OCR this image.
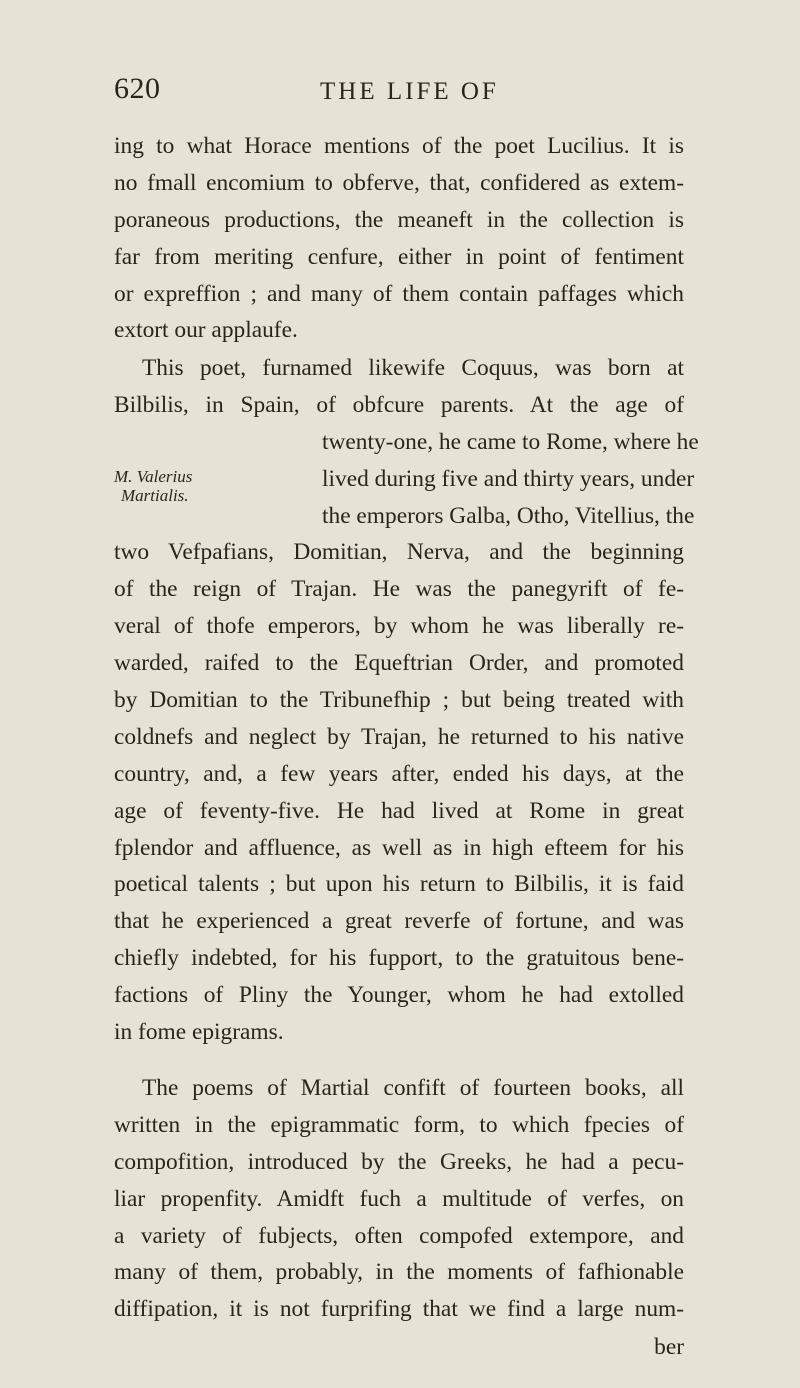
620	THE LIFE OF
ing to what Horace mentions of the poet Lucilius. It is
no fmall encomium to obferve, that, confidered as extem-
poraneous productions, the meaneft in the collection is
far from meriting cenfure, either in point of fentiment
or expreffion ; and many of them contain paffages which
extort our applaufe.
M. Valerius
Martialis.
This poet, furnamed likewife Coquus, was born at
Bilbilis, in Spain, of obfcure parents. At the age of
twenty-one, he came to Rome, where he
lived during five and thirty years, under
the emperors Galba, Otho, Vitellius, the
two Vefpafians, Domitian, Nerva, and the beginning
of the reign of Trajan. He was the panegyrift of fe-
veral of thofe emperors, by whom he was liberally re-
warded, raifed to the Equeftrian Order, and promoted
by Domitian to the Tribunefhip ; but being treated with
coldnefs and neglect by Trajan, he returned to his native
country, and, a few years after, ended his days, at the
age of feventy-five. He had lived at Rome in great
fplendor and affluence, as well as in high efteem for his
poetical talents ; but upon his return to Bilbilis, it is faid
that he experienced a great reverfe of fortune, and was
chiefly indebted, for his fupport, to the gratuitous bene-
factions of Pliny the Younger, whom he had extolled
in fome epigrams.
The poems of Martial confift of fourteen books, all
written in the epigrammatic form, to which fpecies of
compofition, introduced by the Greeks, he had a pecu-
liar propenfity. Amidft fuch a multitude of verfes, on
a variety of fubjects, often compofed extempore, and
many of them, probably, in the moments of fafhionable
diffipation, it is not furprifing that we find a large num-
ber
